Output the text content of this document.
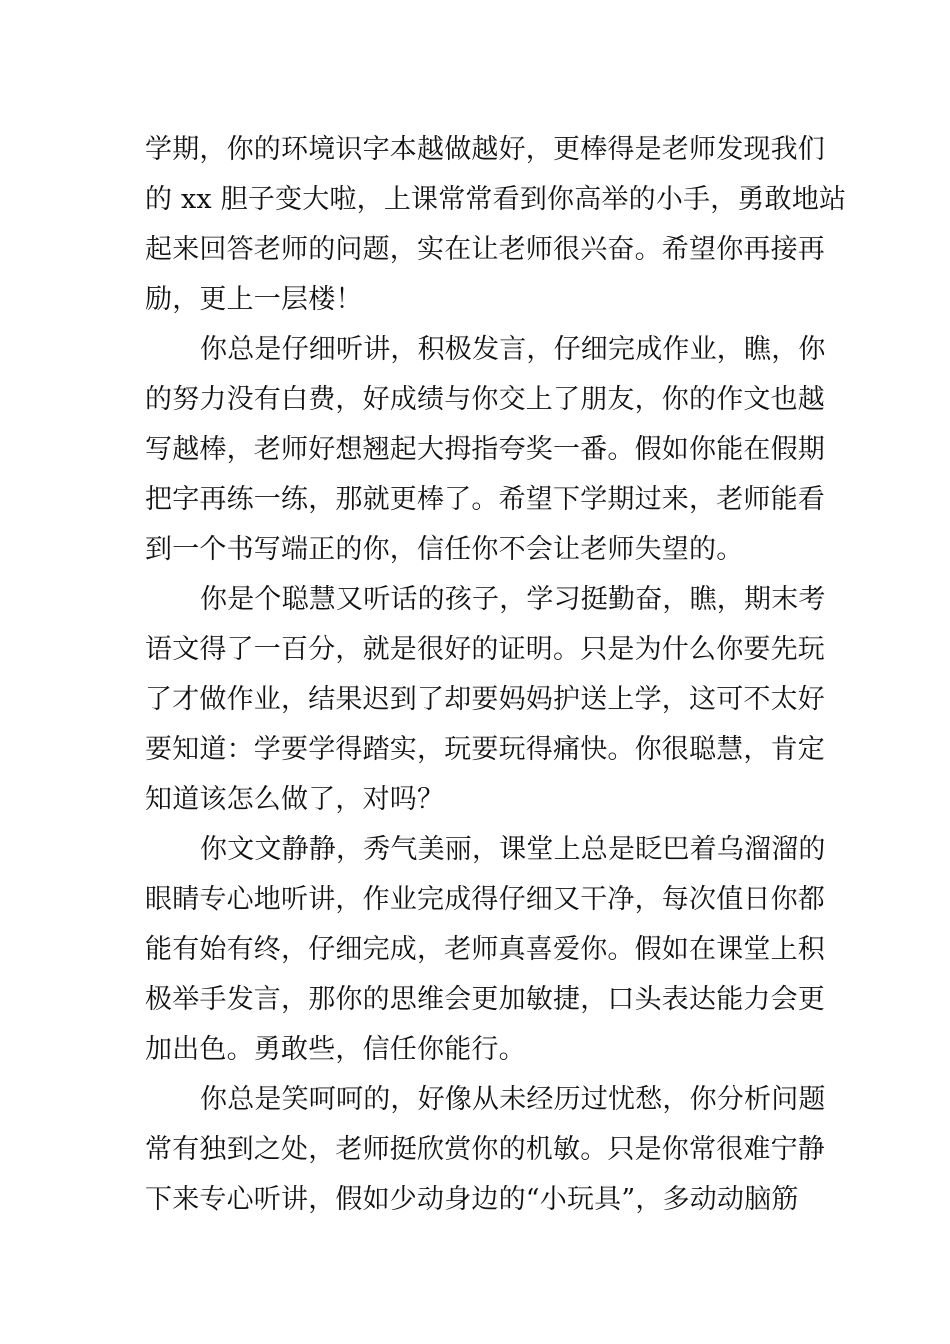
学期，你的环境识字本越做越好，更棒得是老师发现我们
的 xx 胆子变大啦，上课常常看到你高举的小手，勇敢地站
起来回答老师的问题，实在让老师很兴奋。希望你再接再
励，更上一层楼！
你总是仔细听讲，积极发言，仔细完成作业，瞧，你
的努力没有白费，好成绩与你交上了朋友，你的作文也越
写越棒，老师好想翘起大拇指夸奖一番。假如你能在假期
把字再练一练，那就更棒了。希望下学期过来，老师能看
到一个书写端正的你，信任你不会让老师失望的。
你是个聪慧又听话的孩子，学习挺勤奋，瞧，期末考
语文得了一百分，就是很好的证明。只是为什么你要先玩
了才做作业，结果迟到了却要妈妈护送上学，这可不太好
要知道：学要学得踏实，玩要玩得痛快。你很聪慧，肯定
知道该怎么做了，对吗？
你文文静静，秀气美丽，课堂上总是眨巴着乌溜溜的
眼睛专心地听讲，作业完成得仔细又干净，每次值日你都
能有始有终，仔细完成，老师真喜爱你。假如在课堂上积
极举手发言，那你的思维会更加敏捷，口头表达能力会更
加出色。勇敢些，信任你能行。
你总是笑呵呵的，好像从未经历过忧愁，你分析问题
常有独到之处，老师挺欣赏你的机敏。只是你常很难宁静
下来专心听讲，假如少动身边的“小玩具”，多动动脑筋
